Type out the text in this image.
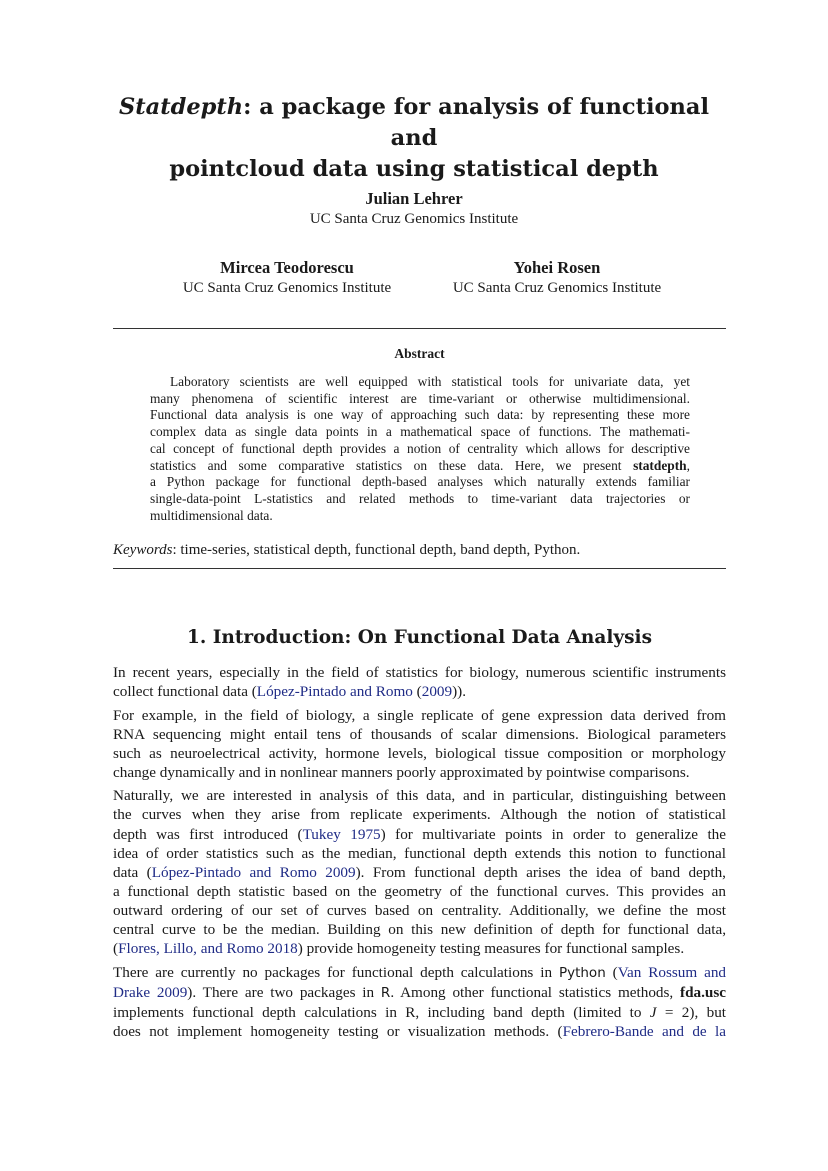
Statdepth: a package for analysis of functional and
pointcloud data using statistical depth
Julian Lehrer
UC Santa Cruz Genomics Institute
Mircea Teodorescu
UC Santa Cruz Genomics Institute
Yohei Rosen
UC Santa Cruz Genomics Institute
Abstract
Laboratory scientists are well equipped with statistical tools for univariate data, yet
many phenomena of scientific interest are time-variant or otherwise multidimensional.
Functional data analysis is one way of approaching such data: by representing these more
complex data as single data points in a mathematical space of functions. The mathemati-
cal concept of functional depth provides a notion of centrality which allows for descriptive
statistics and some comparative statistics on these data. Here, we present statdepth,
a Python package for functional depth-based analyses which naturally extends familiar
single-data-point L-statistics and related methods to time-variant data trajectories or
multidimensional data.
Keywords: time-series, statistical depth, functional depth, band depth, Python.
1. Introduction: On Functional Data Analysis
In recent years, especially in the field of statistics for biology, numerous scientific instruments
collect functional data (López-Pintado and Romo (2009)).
For example, in the field of biology, a single replicate of gene expression data derived from
RNA sequencing might entail tens of thousands of scalar dimensions. Biological parameters
such as neuroelectrical activity, hormone levels, biological tissue composition or morphology
change dynamically and in nonlinear manners poorly approximated by pointwise comparisons.
Naturally, we are interested in analysis of this data, and in particular, distinguishing between
the curves when they arise from replicate experiments. Although the notion of statistical
depth was first introduced (Tukey 1975) for multivariate points in order to generalize the
idea of order statistics such as the median, functional depth extends this notion to functional
data (López-Pintado and Romo 2009). From functional depth arises the idea of band depth,
a functional depth statistic based on the geometry of the functional curves. This provides an
outward ordering of our set of curves based on centrality. Additionally, we define the most
central curve to be the median. Building on this new definition of depth for functional data,
(Flores, Lillo, and Romo 2018) provide homogeneity testing measures for functional samples.
There are currently no packages for functional depth calculations in Python (Van Rossum and
Drake 2009). There are two packages in R. Among other functional statistics methods, fda.usc
implements functional depth calculations in R, including band depth (limited to J = 2), but
does not implement homogeneity testing or visualization methods. (Febrero-Bande and de la
